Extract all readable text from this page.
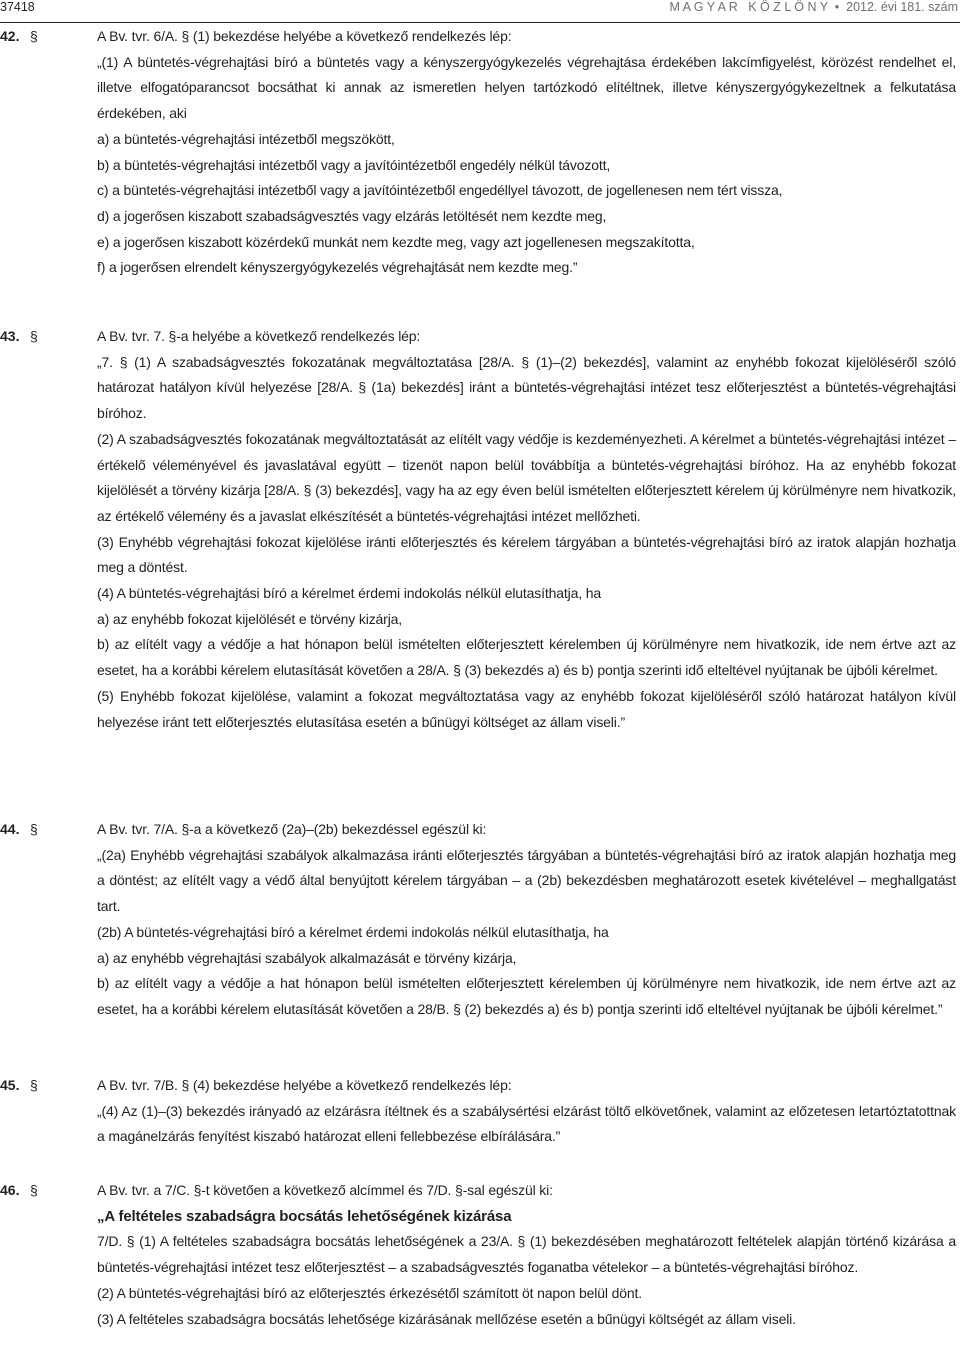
37418	M A G Y A R   K Ö Z L Ö N Y  •  2012. évi 181. szám
42. §	A Bv. tvr. 6/A. § (1) bekezdése helyébe a következő rendelkezés lép:

„(1) A büntetés-végrehajtási bíró a büntetés vagy a kényszergyógykezelés végrehajtása érdekében lakcímfigyelést, körözést rendelhet el, illetve elfogatóparancsot bocsáthat ki annak az ismeretlen helyen tartózkodó elítéltnek, illetve kényszergyógykezeltnek a felkutatása érdekében, aki

a) a büntetés-végrehajtási intézetből megszökött,

b) a büntetés-végrehajtási intézetből vagy a javítóintézetből engedély nélkül távozott,

c) a büntetés-végrehajtási intézetből vagy a javítóintézetből engedéllyel távozott, de jogellenesen nem tért vissza,

d) a jogerősen kiszabott szabadságvesztés vagy elzárás letöltését nem kezdte meg,

e) a jogerősen kiszabott közérdekű munkát nem kezdte meg, vagy azt jogellenesen megszakította,

f) a jogerősen elrendelt kényszergyógykezelés végrehajtását nem kezdte meg.”

43. §	A Bv. tvr. 7. §-a helyébe a következő rendelkezés lép:

„7. § (1) A szabadságvesztés fokozatának megváltoztatása [28/A. § (1)–(2) bekezdés], valamint az enyhébb fokozat kijelöléséről szóló határozat hatályon kívül helyezése [28/A. § (1a) bekezdés] iránt a büntetés-végrehajtási intézet tesz előterjesztést a büntetés-végrehajtási bíróhoz.

(2) A szabadságvesztés fokozatának megváltoztatását az elítélt vagy védője is kezdeményezheti. A kérelmet a büntetés-végrehajtási intézet – értékelő véleményével és javaslatával együtt – tizenöt napon belül továbbítja a büntetés-végrehajtási bíróhoz. Ha az enyhébb fokozat kijelölését a törvény kizárja [28/A. § (3) bekezdés], vagy ha az egy éven belül ismételten előterjesztett kérelem új körülményre nem hivatkozik, az értékelő vélemény és a javaslat elkészítését a büntetés-végrehajtási intézet mellőzheti.

(3) Enyhébb végrehajtási fokozat kijelölése iránti előterjesztés és kérelem tárgyában a büntetés-végrehajtási bíró az iratok alapján hozhatja meg a döntést.

(4) A büntetés-végrehajtási bíró a kérelmet érdemi indokolás nélkül elutasíthatja, ha

a) az enyhébb fokozat kijelölését e törvény kizárja,

b) az elítélt vagy a védője a hat hónapon belül ismételten előterjesztett kérelemben új körülményre nem hivatkozik, ide nem értve azt az esetet, ha a korábbi kérelem elutasítását követően a 28/A. § (3) bekezdés a) és b) pontja szerinti idő elteltével nyújtanak be újbóli kérelmet.

(5) Enyhébb fokozat kijelölése, valamint a fokozat megváltoztatása vagy az enyhébb fokozat kijelöléséről szóló határozat hatályon kívül helyezése iránt tett előterjesztés elutasítása esetén a bűnügyi költséget az állam viseli.”

44. §	A Bv. tvr. 7/A. §-a a következő (2a)–(2b) bekezdéssel egészül ki:

„(2a) Enyhébb végrehajtási szabályok alkalmazása iránti előterjesztés tárgyában a büntetés-végrehajtási bíró az iratok alapján hozhatja meg a döntést; az elítélt vagy a védő által benyújtott kérelem tárgyában – a (2b) bekezdésben meghatározott esetek kivételével – meghallgatást tart.

(2b) A büntetés-végrehajtási bíró a kérelmet érdemi indokolás nélkül elutasíthatja, ha

a) az enyhébb végrehajtási szabályok alkalmazását e törvény kizárja,

b) az elítélt vagy a védője a hat hónapon belül ismételten előterjesztett kérelemben új körülményre nem hivatkozik, ide nem értve azt az esetet, ha a korábbi kérelem elutasítását követően a 28/B. § (2) bekezdés a) és b) pontja szerinti idő elteltével nyújtanak be újbóli kérelmet.”

45. §	A Bv. tvr. 7/B. § (4) bekezdése helyébe a következő rendelkezés lép:

„(4) Az (1)–(3) bekezdés irányadó az elzárásra ítéltnek és a szabálysértési elzárást töltő elkövetőnek, valamint az előzetesen letartóztatottnak a magánelzárás fenyítést kiszabó határozat elleni fellebbezése elbírálására.”

46. §	A Bv. tvr. a 7/C. §-t követően a következő alcímmel és 7/D. §-sal egészül ki:

„A feltételes szabadságra bocsátás lehetőségének kizárása

7/D. § (1) A feltételes szabadságra bocsátás lehetőségének a 23/A. § (1) bekezdésében meghatározott feltételek alapján történő kizárása a büntetés-végrehajtási intézet tesz előterjesztést – a szabadságvesztés foganatba vételekor – a büntetés-végrehajtási bíróhoz.

(2) A büntetés-végrehajtási bíró az előterjesztés érkezésétől számított öt napon belül dönt.

(3) A feltételes szabadságra bocsátás lehetősége kizárásának mellőzése esetén a bűnügyi költségét az állam viseli.
